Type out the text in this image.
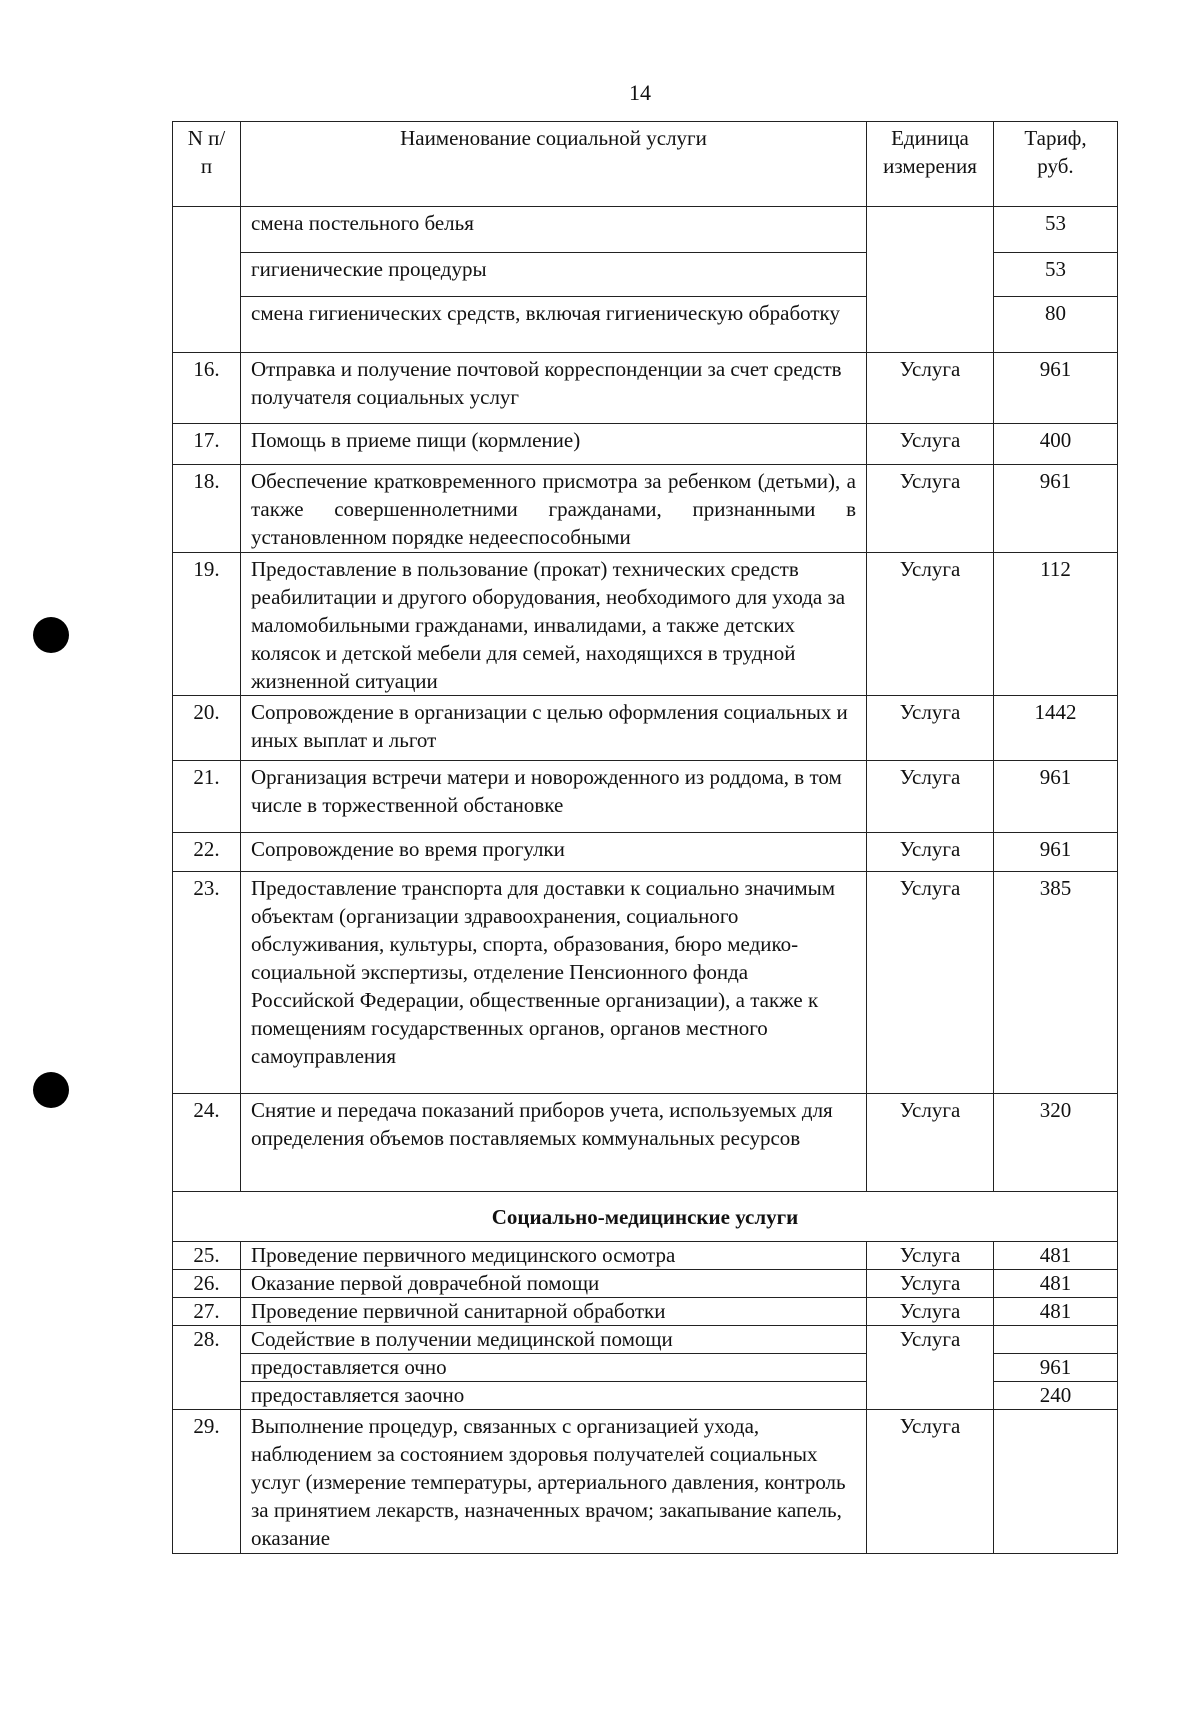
14
N п/п	Наименование социальной услуги	Единица измерения	Тариф, руб.
	смена постельного белья		53
	гигиенические процедуры		53
	смена гигиенических средств, включая гигиеническую обработку		80
16.	Отправка и получение почтовой корреспонденции за счет средств получателя социальных услуг	Услуга	961
17.	Помощь в приеме пищи (кормление)	Услуга	400
18.	Обеспечение кратковременного присмотра за ребенком (детьми), а также совершеннолетними гражданами, признанными в установленном порядке недееспособными	Услуга	961
19.	Предоставление в пользование (прокат) технических средств реабилитации и другого оборудования, необходимого для ухода за маломобильными гражданами, инвалидами, а также детских колясок и детской мебели для семей, находящихся в трудной жизненной ситуации	Услуга	112
20.	Сопровождение в организации с целью оформления социальных и иных выплат и льгот	Услуга	1442
21.	Организация встречи матери и новорожденного из роддома, в том числе в торжественной обстановке	Услуга	961
22.	Сопровождение во время прогулки	Услуга	961
23.	Предоставление транспорта для доставки к социально значимым объектам (организации здравоохранения, социального обслуживания, культуры, спорта, образования, бюро медико-социальной экспертизы, отделение Пенсионного фонда Российской Федерации, общественные организации), а также к помещениям государственных органов, органов местного самоуправления	Услуга	385
24.	Снятие и передача показаний приборов учета, используемых для определения объемов поставляемых коммунальных ресурсов	Услуга	320
Социально-медицинские услуги			
25.	Проведение первичного медицинского осмотра	Услуга	481
26.	Оказание первой доврачебной помощи	Услуга	481
27.	Проведение первичной санитарной обработки	Услуга	481
28.	Содействие в получении медицинской помощи	Услуга	
	предоставляется очно		961
	предоставляется заочно		240
29.	Выполнение процедур, связанных с организацией ухода, наблюдением за состоянием здоровья получателей социальных услуг (измерение температуры, артериального давления, контроль за принятием лекарств, назначенных врачом; закапывание капель, оказание	Услуга	
